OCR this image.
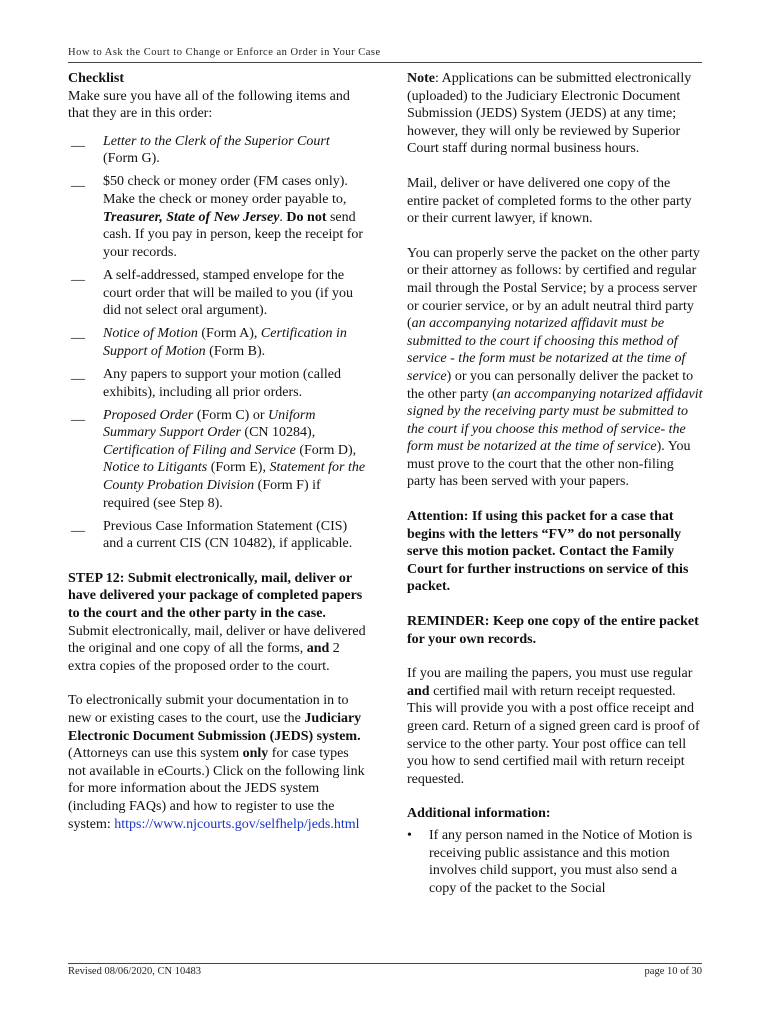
How to Ask the Court to Change or Enforce an Order in Your Case

Checklist

Make sure you have all of the following items and that they are in this order:

__ Letter to the Clerk of the Superior Court (Form G).
__ $50 check or money order (FM cases only). Make the check or money order payable to, Treasurer, State of New Jersey. Do not send cash. If you pay in person, keep the receipt for your records.
__ A self-addressed, stamped envelope for the court order that will be mailed to you (if you did not select oral argument).
__ Notice of Motion (Form A), Certification in Support of Motion (Form B).
__ Any papers to support your motion (called exhibits), including all prior orders.
__ Proposed Order (Form C) or Uniform Summary Support Order (CN 10284), Certification of Filing and Service (Form D), Notice to Litigants (Form E), Statement for the County Probation Division (Form F) if required (see Step 8).
__ Previous Case Information Statement (CIS) and a current CIS (CN 10482), if applicable.

STEP 12: Submit electronically, mail, deliver or have delivered your package of completed papers to the court and the other party in the case.

Submit electronically, mail, deliver or have delivered the original and one copy of all the forms, and 2 extra copies of the proposed order to the court.

To electronically submit your documentation in to new or existing cases to the court, use the Judiciary Electronic Document Submission (JEDS) system. (Attorneys can use this system only for case types not available in eCourts.) Click on the following link for more information about the JEDS system (including FAQs) and how to register to use the system: https://www.njcourts.gov/selfhelp/jeds.html

Note: Applications can be submitted electronically (uploaded) to the Judiciary Electronic Document Submission (JEDS) System (JEDS) at any time; however, they will only be reviewed by Superior Court staff during normal business hours.

Mail, deliver or have delivered one copy of the entire packet of completed forms to the other party or their current lawyer, if known.

You can properly serve the packet on the other party or their attorney as follows: by certified and regular mail through the Postal Service; by a process server or courier service, or by an adult neutral third party (an accompanying notarized affidavit must be submitted to the court if choosing this method of service - the form must be notarized at the time of service) or you can personally deliver the packet to the other party (an accompanying notarized affidavit signed by the receiving party must be submitted to the court if you choose this method of service- the form must be notarized at the time of service). You must prove to the court that the other non-filing party has been served with your papers.

Attention: If using this packet for a case that begins with the letters “FV” do not personally serve this motion packet. Contact the Family Court for further instructions on service of this packet.

REMINDER: Keep one copy of the entire packet for your own records.

If you are mailing the papers, you must use regular and certified mail with return receipt requested. This will provide you with a post office receipt and green card. Return of a signed green card is proof of service to the other party. Your post office can tell you how to send certified mail with return receipt requested.

Additional information:

• If any person named in the Notice of Motion is receiving public assistance and this motion involves child support, you must also send a copy of the packet to the Social
Revised 08/06/2020, CN 10483	page 10 of 30
